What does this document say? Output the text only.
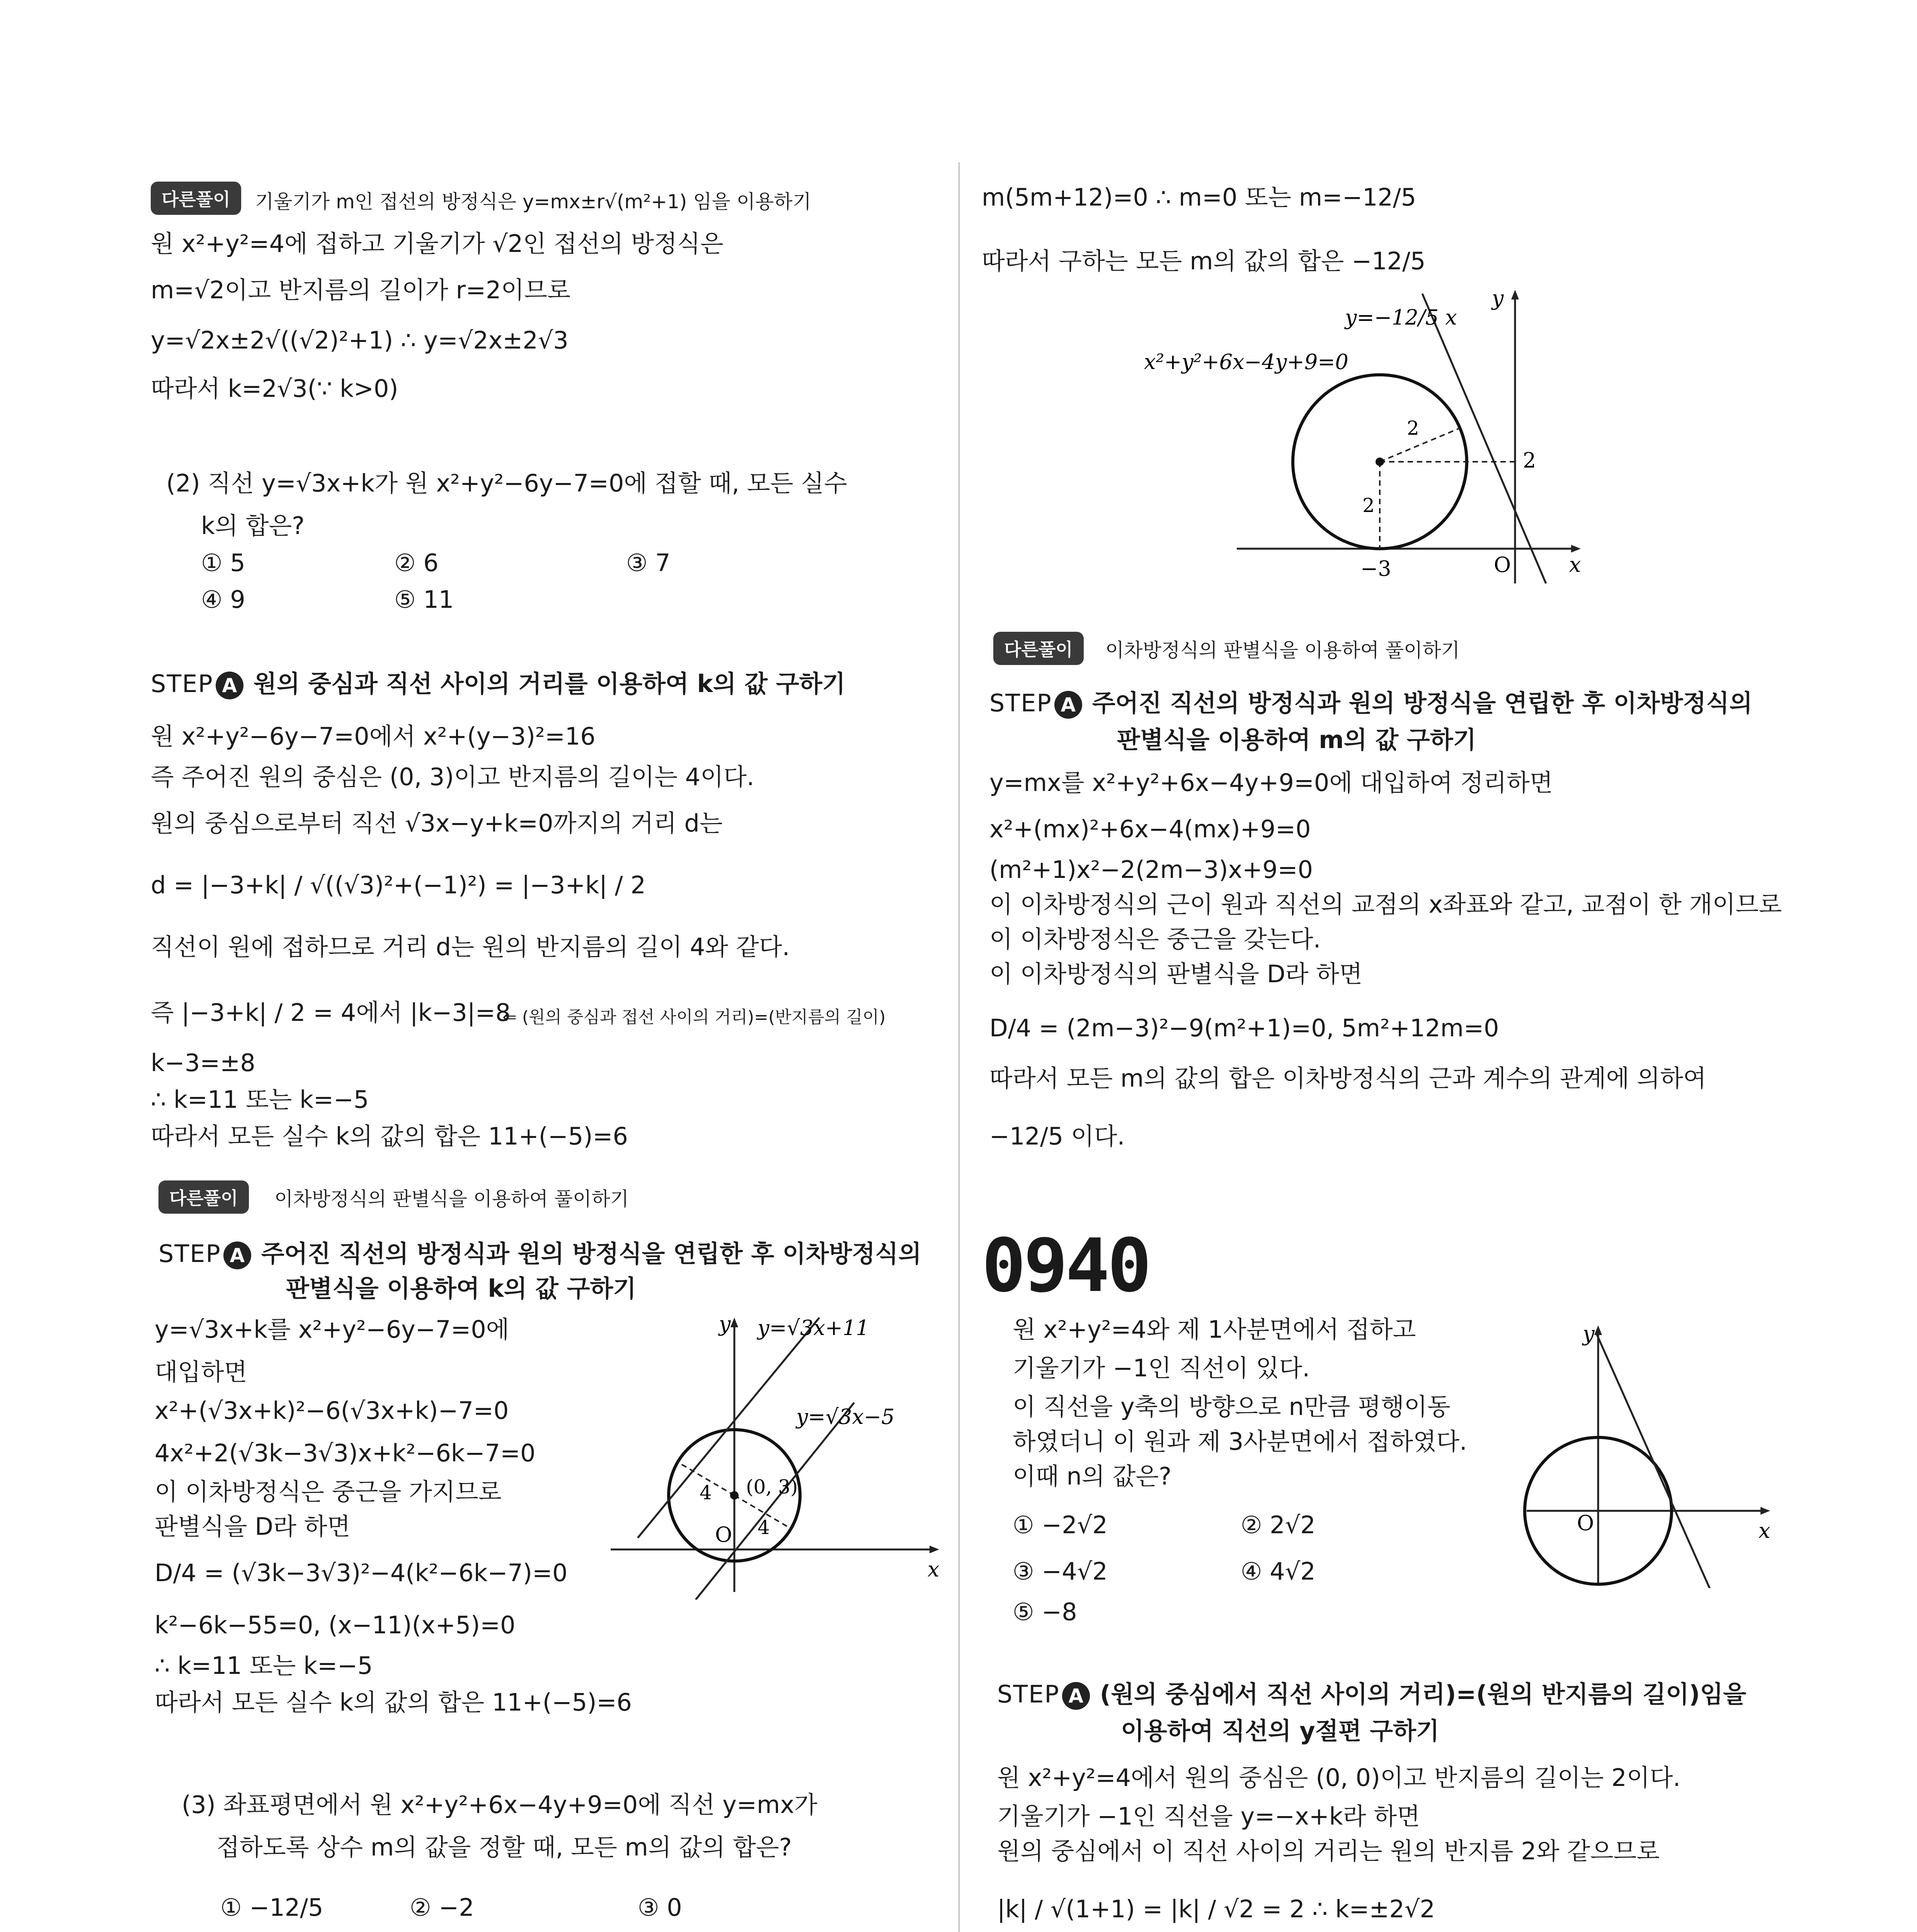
다른풀이	기울기가 m인 접선의 방정식은 y=mx±r√(m²+1) 임을 이용하기
원 x²+y²=4에 접하고 기울기가 √2인 접선의 방정식은
m=√2이고 반지름의 길이가 r=2이므로
y=√2x±2√((√2)²+1) ∴ y=√2x±2√3
따라서 k=2√3(∵ k>0)
(2) 직선 y=√3x+k가 원 x²+y²−6y−7=0에 접할 때, 모든 실수
k의 합은?
① 5	② 6	③ 7
④ 9	⑤ 11
STEP A 원의 중심과 직선 사이의 거리를 이용하여 k의 값 구하기
원 x²+y²−6y−7=0에서 x²+(y−3)²=16
즉 주어진 원의 중심은 (0, 3)이고 반지름의 길이는 4이다.
원의 중심으로부터 직선 √3x−y+k=0까지의 거리 d는
d = |−3+k| / √((√3)²+(−1)²) = |−3+k| / 2
직선이 원에 접하므로 거리 d는 원의 반지름의 길이 4와 같다.
즉 |−3+k| / 2 = 4에서 |k−3|=8
⇐ (원의 중심과 접선 사이의 거리)=(반지름의 길이)
k−3=±8
∴ k=11 또는 k=−5
따라서 모든 실수 k의 값의 합은 11+(−5)=6
다른풀이	이차방정식의 판별식을 이용하여 풀이하기
STEP A 주어진 직선의 방정식과 원의 방정식을 연립한 후 이차방정식의
판별식을 이용하여 k의 값 구하기
y=√3x+k를 x²+y²−6y−7=0에
대입하면
x²+(√3x+k)²−6(√3x+k)−7=0
4x²+2(√3k−3√3)x+k²−6k−7=0
이 이차방정식은 중근을 가지므로
판별식을 D라 하면
D/4 = (√3k−3√3)²−4(k²−6k−7)=0
k²−6k−55=0, (x−11)(x+5)=0
∴ k=11 또는 k=−5
따라서 모든 실수 k의 값의 합은 11+(−5)=6
y
x
O
y=√3x+11
y=√3x−5
(0, 3)
4
4
(3) 좌표평면에서 원 x²+y²+6x−4y+9=0에 직선 y=mx가
접하도록 상수 m의 값을 정할 때, 모든 m의 값의 합은?
① −12/5	② −2	③ 0
m(5m+12)=0 ∴ m=0 또는 m=−12/5
따라서 구하는 모든 m의 값의 합은 −12/5
y=−12/5 x
x²+y²+6x−4y+9=0
y
x
O
−3
2
2
2
다른풀이	이차방정식의 판별식을 이용하여 풀이하기
STEP A 주어진 직선의 방정식과 원의 방정식을 연립한 후 이차방정식의
판별식을 이용하여 m의 값 구하기
y=mx를 x²+y²+6x−4y+9=0에 대입하여 정리하면
x²+(mx)²+6x−4(mx)+9=0
(m²+1)x²−2(2m−3)x+9=0
이 이차방정식의 근이 원과 직선의 교점의 x좌표와 같고, 교점이 한 개이므로
이 이차방정식은 중근을 갖는다.
이 이차방정식의 판별식을 D라 하면
D/4 = (2m−3)²−9(m²+1)=0, 5m²+12m=0
따라서 모든 m의 값의 합은 이차방정식의 근과 계수의 관계에 의하여
−12/5 이다.
0940
원 x²+y²=4와 제 1사분면에서 접하고
기울기가 −1인 직선이 있다.
이 직선을 y축의 방향으로 n만큼 평행이동
하였더니 이 원과 제 3사분면에서 접하였다.
이때 n의 값은?
① −2√2	② 2√2
③ −4√2	④ 4√2
⑤ −8
y
x
O
STEP A (원의 중심에서 직선 사이의 거리)=(원의 반지름의 길이)임을
이용하여 직선의 y절편 구하기
원 x²+y²=4에서 원의 중심은 (0, 0)이고 반지름의 길이는 2이다.
기울기가 −1인 직선을 y=−x+k라 하면
원의 중심에서 이 직선 사이의 거리는 원의 반지름 2와 같으므로
|k| / √(1+1) = |k| / √2 = 2 ∴ k=±2√2
